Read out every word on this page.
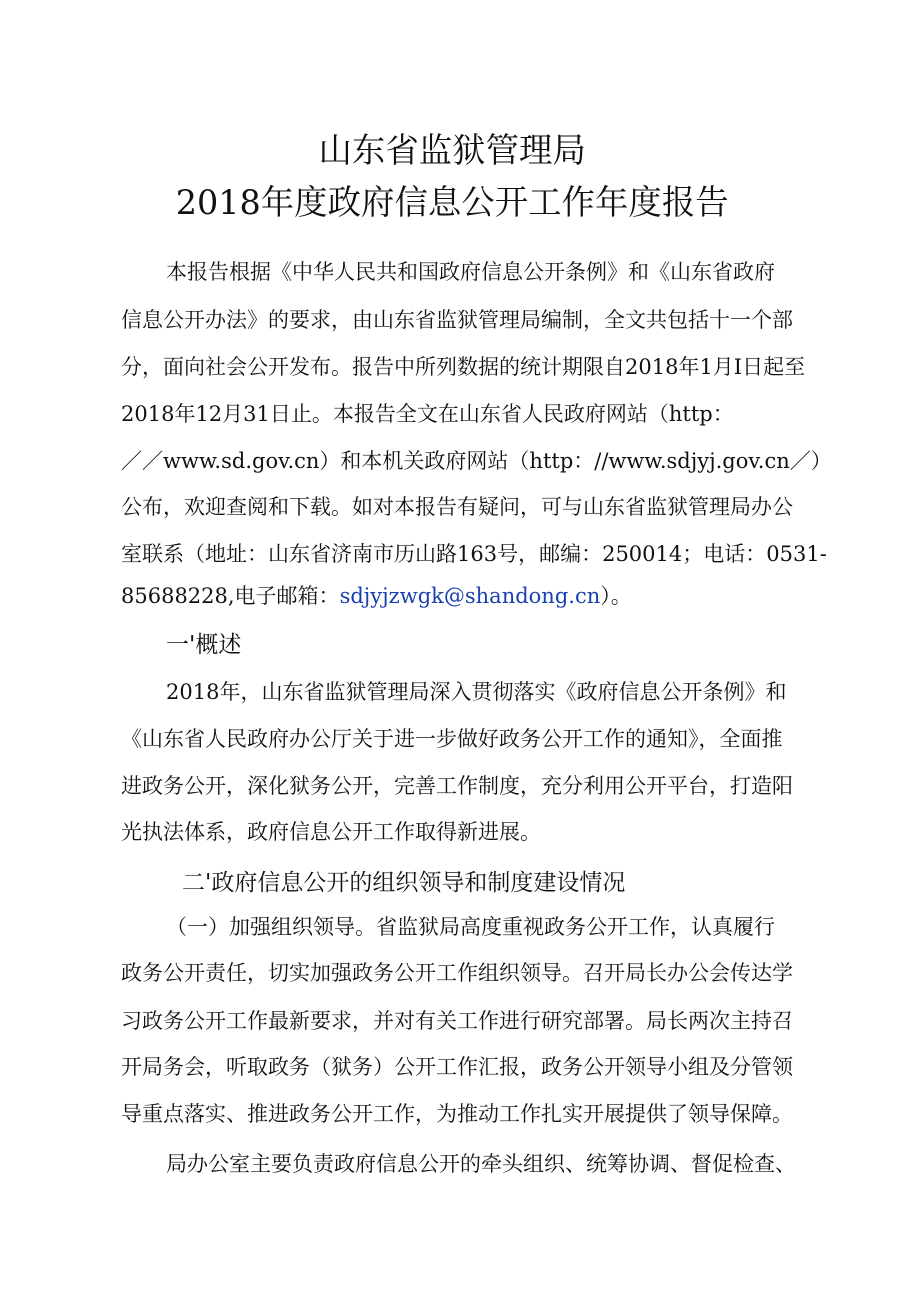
山东省监狱管理局
2018年度政府信息公开工作年度报告
本报告根据《中华人民共和国政府信息公开条例》和《山东省政府
信息公开办法》的要求，由山东省监狱管理局编制，全文共包括十一个部
分，面向社会公开发布。报告中所列数据的统计期限自2018年1月I日起至
2018年12月31日止。本报告全文在山东省人民政府网站（http：
／／www.sd.gov.cn）和本机关政府网站（http：//www.sdjyj.gov.cn／）
公布，欢迎查阅和下载。如对本报告有疑问，可与山东省监狱管理局办公
室联系（地址：山东省济南市历山路163号，邮编：250014；电话：0531-
85688228,电子邮箱：sdjyjzwgk@shandong.cn）。
一'概述
2018年，山东省监狱管理局深入贯彻落实《政府信息公开条例》和
《山东省人民政府办公厅关于进一步做好政务公开工作的通知》，全面推
进政务公开，深化狱务公开，完善工作制度，充分利用公开平台，打造阳
光执法体系，政府信息公开工作取得新进展。
二'政府信息公开的组织领导和制度建设情况
（一）加强组织领导。省监狱局高度重视政务公开工作，认真履行
政务公开责任，切实加强政务公开工作组织领导。召开局长办公会传达学
习政务公开工作最新要求，并对有关工作进行研究部署。局长两次主持召
开局务会，听取政务（狱务）公开工作汇报，政务公开领导小组及分管领
导重点落实、推进政务公开工作，为推动工作扎实开展提供了领导保障。
局办公室主要负责政府信息公开的牵头组织、统筹协调、督促检查、
